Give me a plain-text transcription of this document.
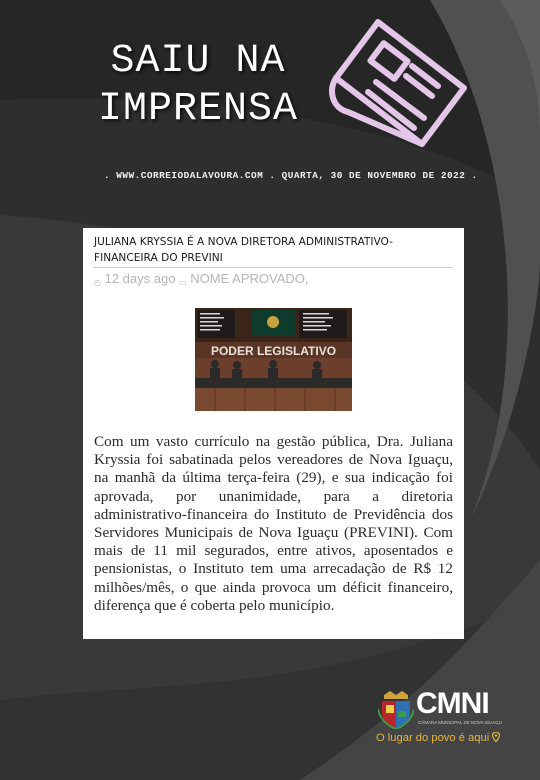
SAIU NA
IMPRENSA
. WWW.CORREIODALAVOURA.COM . QUARTA, 30 DE NOVEMBRO DE 2022 .
JULIANA KRYSSIA É A NOVA DIRETORA ADMINISTRATIVO-FINANCEIRA DO PREVINI
◴ 12 days ago ▭ NOME APROVADO,
PODER LEGISLATIVO
Com um vasto currículo na gestão pública, Dra. Juliana Kryssia foi sabatinada pelos vereadores de Nova Iguaçu, na manhã da última terça-feira (29), e sua indicação foi aprovada, por unanimidade, para a diretoria administrativo-financeira do Instituto de Previdência dos Servidores Municipais de Nova Iguaçu (PREVINI). Com mais de 11 mil segurados, entre ativos, aposentados e pensionistas, o Instituto tem uma arrecadação de R$ 12 milhões/mês, o que ainda provoca um déficit financeiro, diferença que é coberta pelo município.
CMNI
CÂMARA MUNICIPAL DE NOVA IGUAÇU
O lugar do povo é aqui
